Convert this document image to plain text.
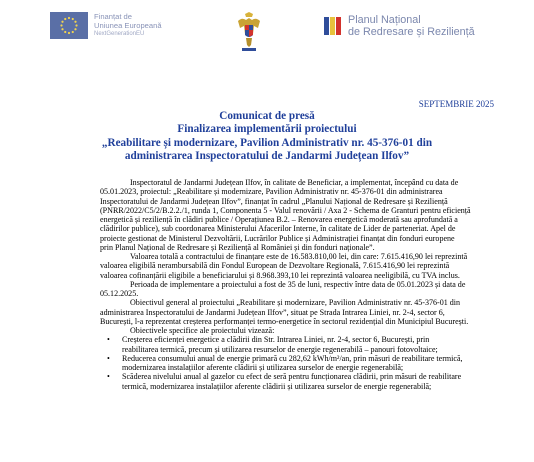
Finanțat de
Uniunea Europeană
NextGenerationEU
Planul Național
de Redresare și Reziliență
SEPTEMBRIE 2025
Comunicat de presă
Finalizarea implementării proiectului
„Reabilitare și modernizare, Pavilion Administrativ nr. 45-376-01 din
administrarea Inspectoratului de Jandarmi Județean Ilfov”
Inspectoratul de Jandarmi Județean Ilfov, în calitate de Beneficiar, a implementat, începând cu data de
05.01.2023, proiectul: „Reabilitare și modernizare, Pavilion Administrativ nr. 45-376-01 din administrarea
Inspectoratului de Jandarmi Județean Ilfov”, finanțat în cadrul „Planului Național de Redresare și Reziliență
(PNRR/2022/C5/2/B.2.2./1, runda 1, Componenta 5 - Valul renovării / Axa 2 - Schema de Granturi pentru eficiență
energetică și reziliență în clădiri publice / Operațiunea B.2. – Renovarea energetică moderată sau aprofundată a
clădirilor publice), sub coordonarea Ministerului Afacerilor Interne, în calitate de Lider de parteneriat. Apel de
proiecte gestionat de Ministerul Dezvoltării, Lucrărilor Publice și Administrației finanțat din fonduri europene
prin Planul Național de Redresare și Reziliență al României și din fonduri naționale”.
Valoarea totală a contractului de finanțare este de 16.583.810,00 lei, din care: 7.615.416,90 lei reprezintă
valoarea eligibilă nerambursabilă din Fondul European de Dezvoltare Regională, 7.615.416,90 lei reprezintă
valoarea cofinanțării eligibile a beneficiarului și 8.968.393,10 lei reprezintă valoarea neeligibilă, cu TVA inclus.
Perioada de implementare a proiectului a fost de 35 de luni, respectiv între data de 05.01.2023 și data de
05.12.2025.
Obiectivul general al proiectului „Reabilitare și modernizare, Pavilion Administrativ nr. 45-376-01 din
administrarea Inspectoratului de Jandarmi Județean Ilfov”, situat pe Strada Intrarea Liniei, nr. 2-4, sector 6,
București, l-a reprezentat creșterea performanței termo-energetice în sectorul rezidențial din Municipiul București.
Obiectivele specifice ale proiectului vizează:
• Creșterea eficienței energetice a clădirii din Str. Intrarea Liniei, nr. 2-4, sector 6, București, prin
reabilitarea termică, precum și utilizarea resurselor de energie regenerabilă – panouri fotovoltaice;
• Reducerea consumului anual de energie primară cu 282,62 kWh/m²/an, prin măsuri de reabilitare termică,
modernizarea instalațiilor aferente clădirii și utilizarea surselor de energie regenerabilă;
• Scăderea nivelului anual al gazelor cu efect de seră pentru funcționarea clădirii, prin măsuri de reabilitare
termică, modernizarea instalațiilor aferente clădirii și utilizarea surselor de energie regenerabilă;
